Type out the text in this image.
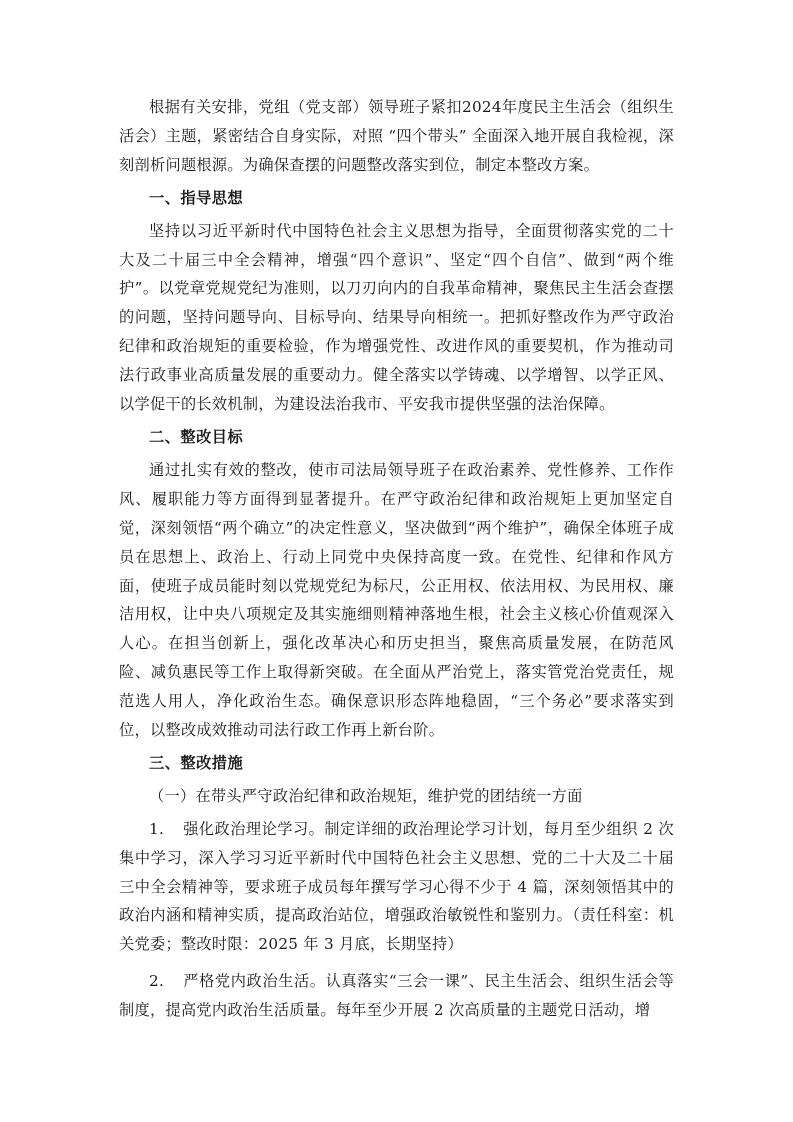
根据有关安排，党组（党支部）领导班子紧扣2024年度民主生活会（组织生活会）主题，紧密结合自身实际，对照 “四个带头” 全面深入地开展自我检视，深刻剖析问题根源。为确保查摆的问题整改落实到位，制定本整改方案。

一、指导思想

坚持以习近平新时代中国特色社会主义思想为指导，全面贯彻落实党的二十大及二十届三中全会精神，增强“四个意识”、坚定“四个自信”、做到“两个维护”。以党章党规党纪为准则，以刀刃向内的自我革命精神，聚焦民主生活会查摆的问题，坚持问题导向、目标导向、结果导向相统一。把抓好整改作为严守政治纪律和政治规矩的重要检验，作为增强党性、改进作风的重要契机，作为推动司法行政事业高质量发展的重要动力。健全落实以学铸魂、以学增智、以学正风、以学促干的长效机制，为建设法治我市、平安我市提供坚强的法治保障。

二、整改目标

通过扎实有效的整改，使市司法局领导班子在政治素养、党性修养、工作作风、履职能力等方面得到显著提升。在严守政治纪律和政治规矩上更加坚定自觉，深刻领悟“两个确立”的决定性意义，坚决做到“两个维护”，确保全体班子成员在思想上、政治上、行动上同党中央保持高度一致。在党性、纪律和作风方面，使班子成员能时刻以党规党纪为标尺，公正用权、依法用权、为民用权、廉洁用权，让中央八项规定及其实施细则精神落地生根，社会主义核心价值观深入人心。在担当创新上，强化改革决心和历史担当，聚焦高质量发展，在防范风险、减负惠民等工作上取得新突破。在全面从严治党上，落实管党治党责任，规范选人用人，净化政治生态。确保意识形态阵地稳固，“三个务必”要求落实到位，以整改成效推动司法行政工作再上新台阶。

三、整改措施

（一）在带头严守政治纪律和政治规矩，维护党的团结统一方面

1. 强化政治理论学习。制定详细的政治理论学习计划，每月至少组织 2 次集中学习，深入学习习近平新时代中国特色社会主义思想、党的二十大及二十届三中全会精神等，要求班子成员每年撰写学习心得不少于 4 篇，深刻领悟其中的政治内涵和精神实质，提高政治站位，增强政治敏锐性和鉴别力。（责任科室：机关党委；整改时限：2025 年 3 月底，长期坚持）

2. 严格党内政治生活。认真落实“三会一课”、民主生活会、组织生活会等制度，提高党内政治生活质量。每年至少开展 2 次高质量的主题党日活动，增
